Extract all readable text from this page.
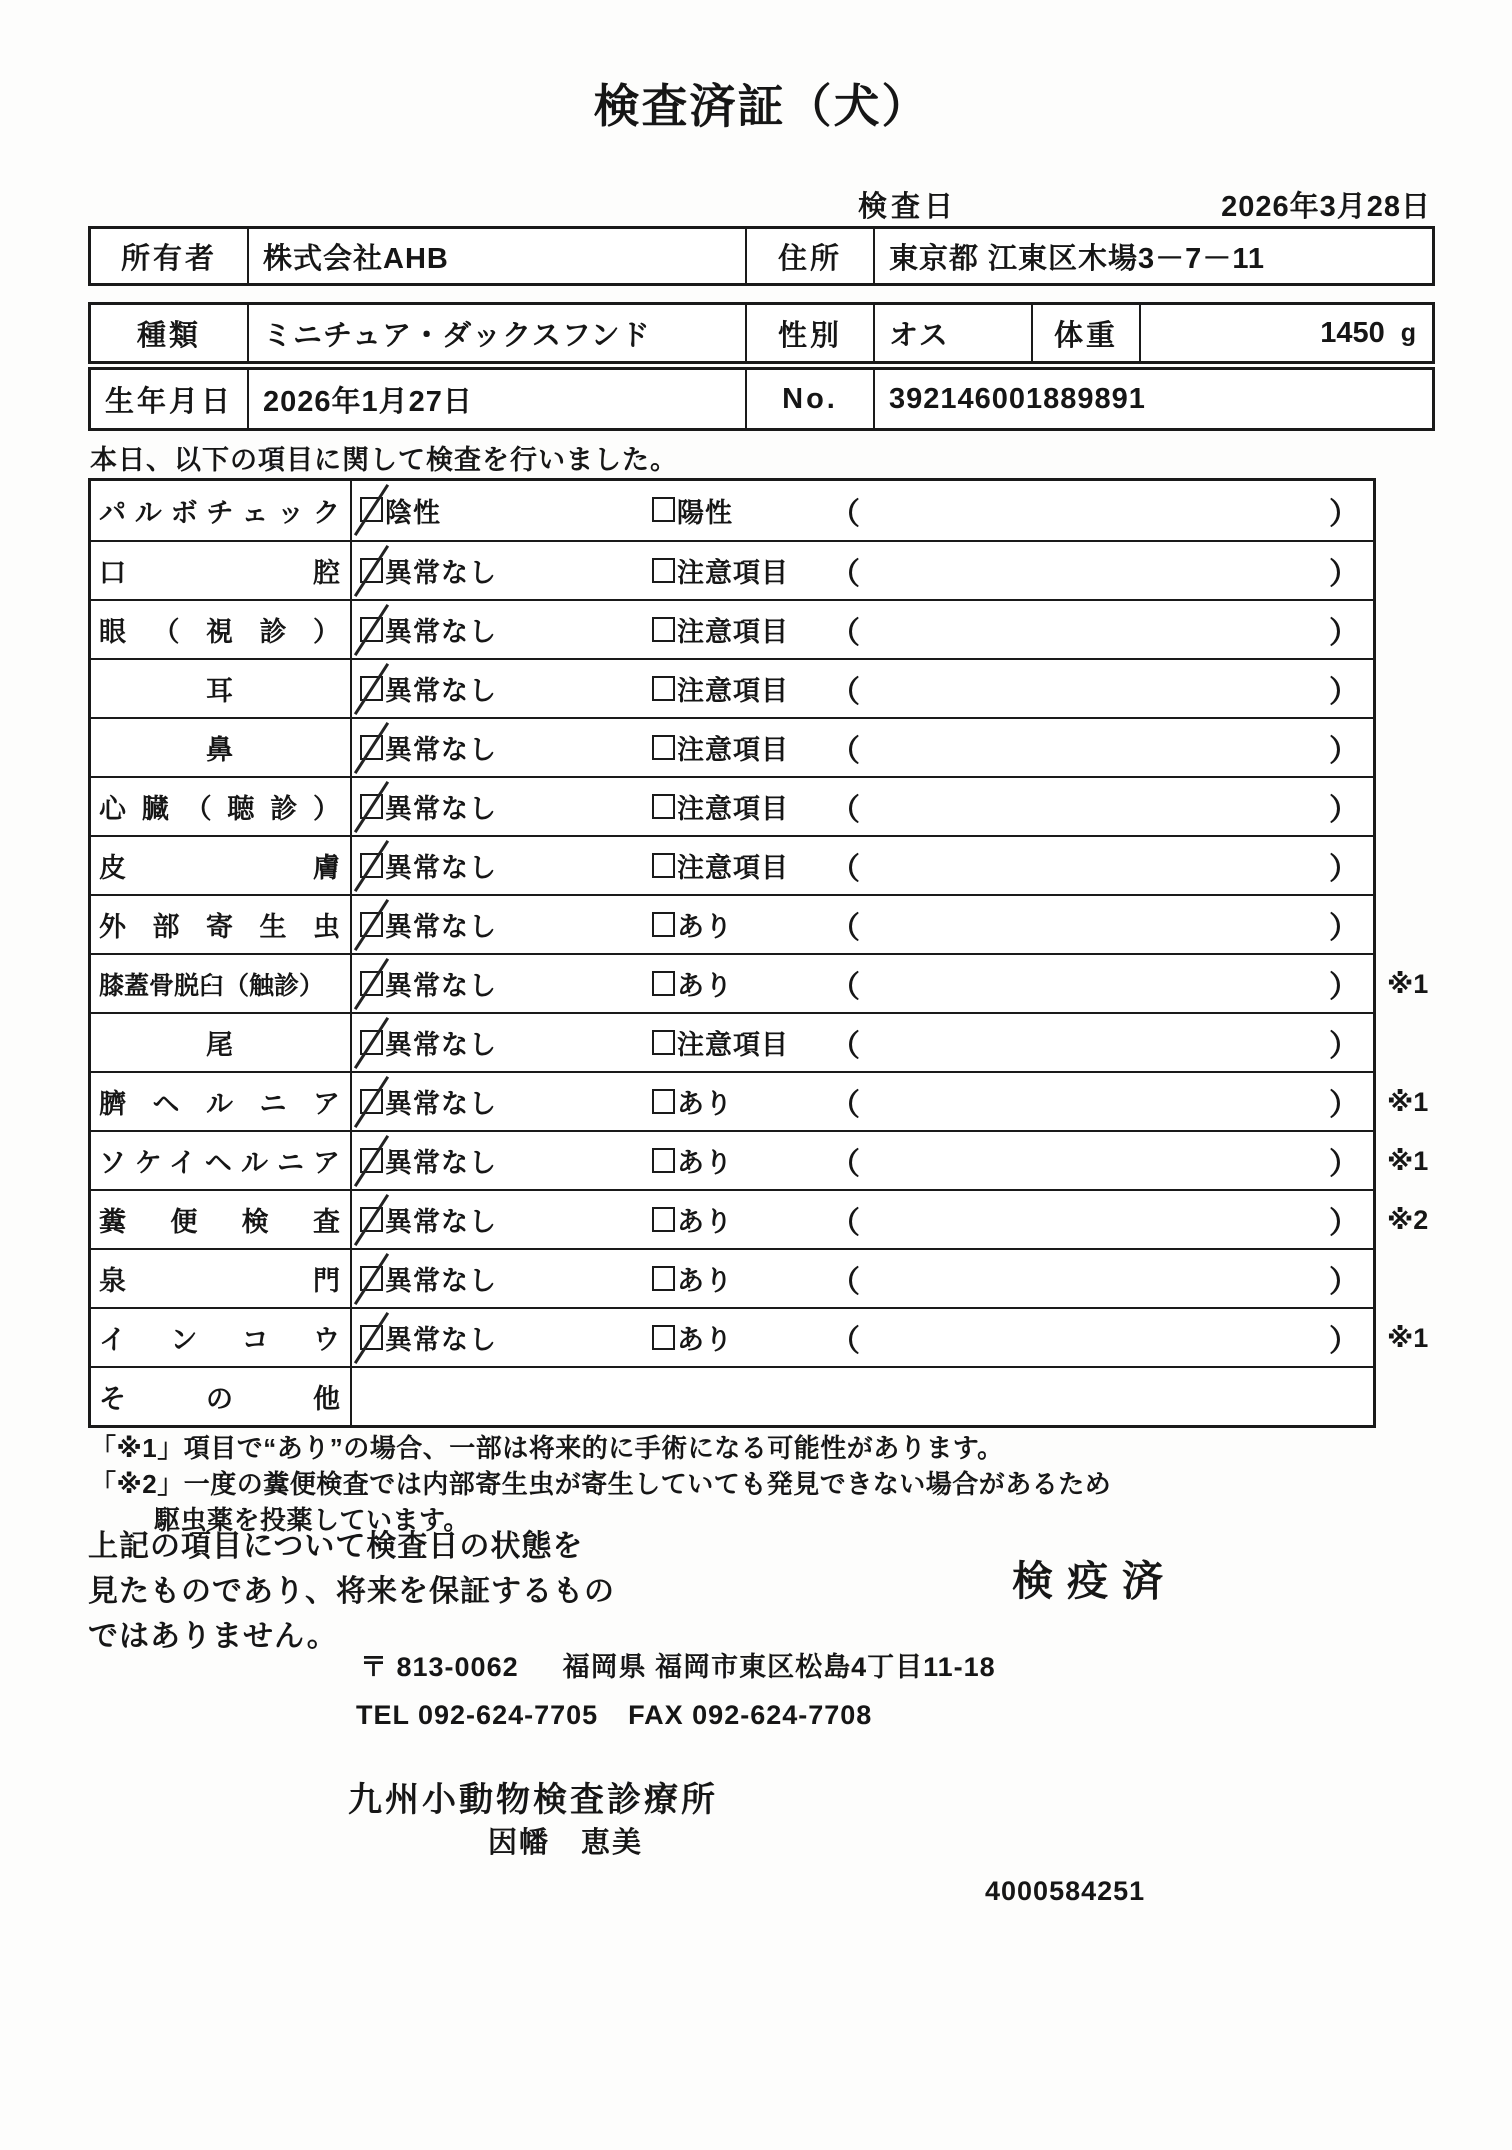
検査済証（犬）
検査日	2026年3月28日
所有者	株式会社AHB	住所	東京都 江東区木場3－7－11
種類	ミニチュア・ダックスフンド	性別	オス	体重	1450 g
生年月日	2026年1月27日	No.	392146001889891
本日、以下の項目に関して検査を行いました。
パルボチェック 陰性	陽性	（	）
口腔 異常なし	注意項目 （	）
眼（視診） 異常なし	注意項目 （	）
耳	異常なし	注意項目 （	）
鼻	異常なし	注意項目 （	）
心臓（聴診） 異常なし	注意項目 （	）
皮膚 異常なし	注意項目 （	）
外部寄生虫 異常なし	あり	（	）
膝蓋骨脱臼（触診）	異常なし	あり	（	） ※1
尾	異常なし	注意項目 （	）
臍ヘルニア 異常なし	あり	（	） ※1
ソケイヘルニア 異常なし	あり	（	） ※1
糞便検査 異常なし	あり	（	） ※2
泉門 異常なし	あり	（	）
インコウ 異常なし	あり	（	） ※1
その他
「※1」項目で“あり”の場合、一部は将来的に手術になる可能性があります。
「※2」一度の糞便検査では内部寄生虫が寄生していても発見できない場合があるため
駆虫薬を投薬しています。
上記の項目について検査日の状態を
見たものであり、将来を保証するもの
ではありません。
検疫済
〒 813-0062 福岡県 福岡市東区松島4丁目11-18
TEL 092-624-7705 FAX 092-624-7708
九州小動物検査診療所
因幡　恵美
4000584251
